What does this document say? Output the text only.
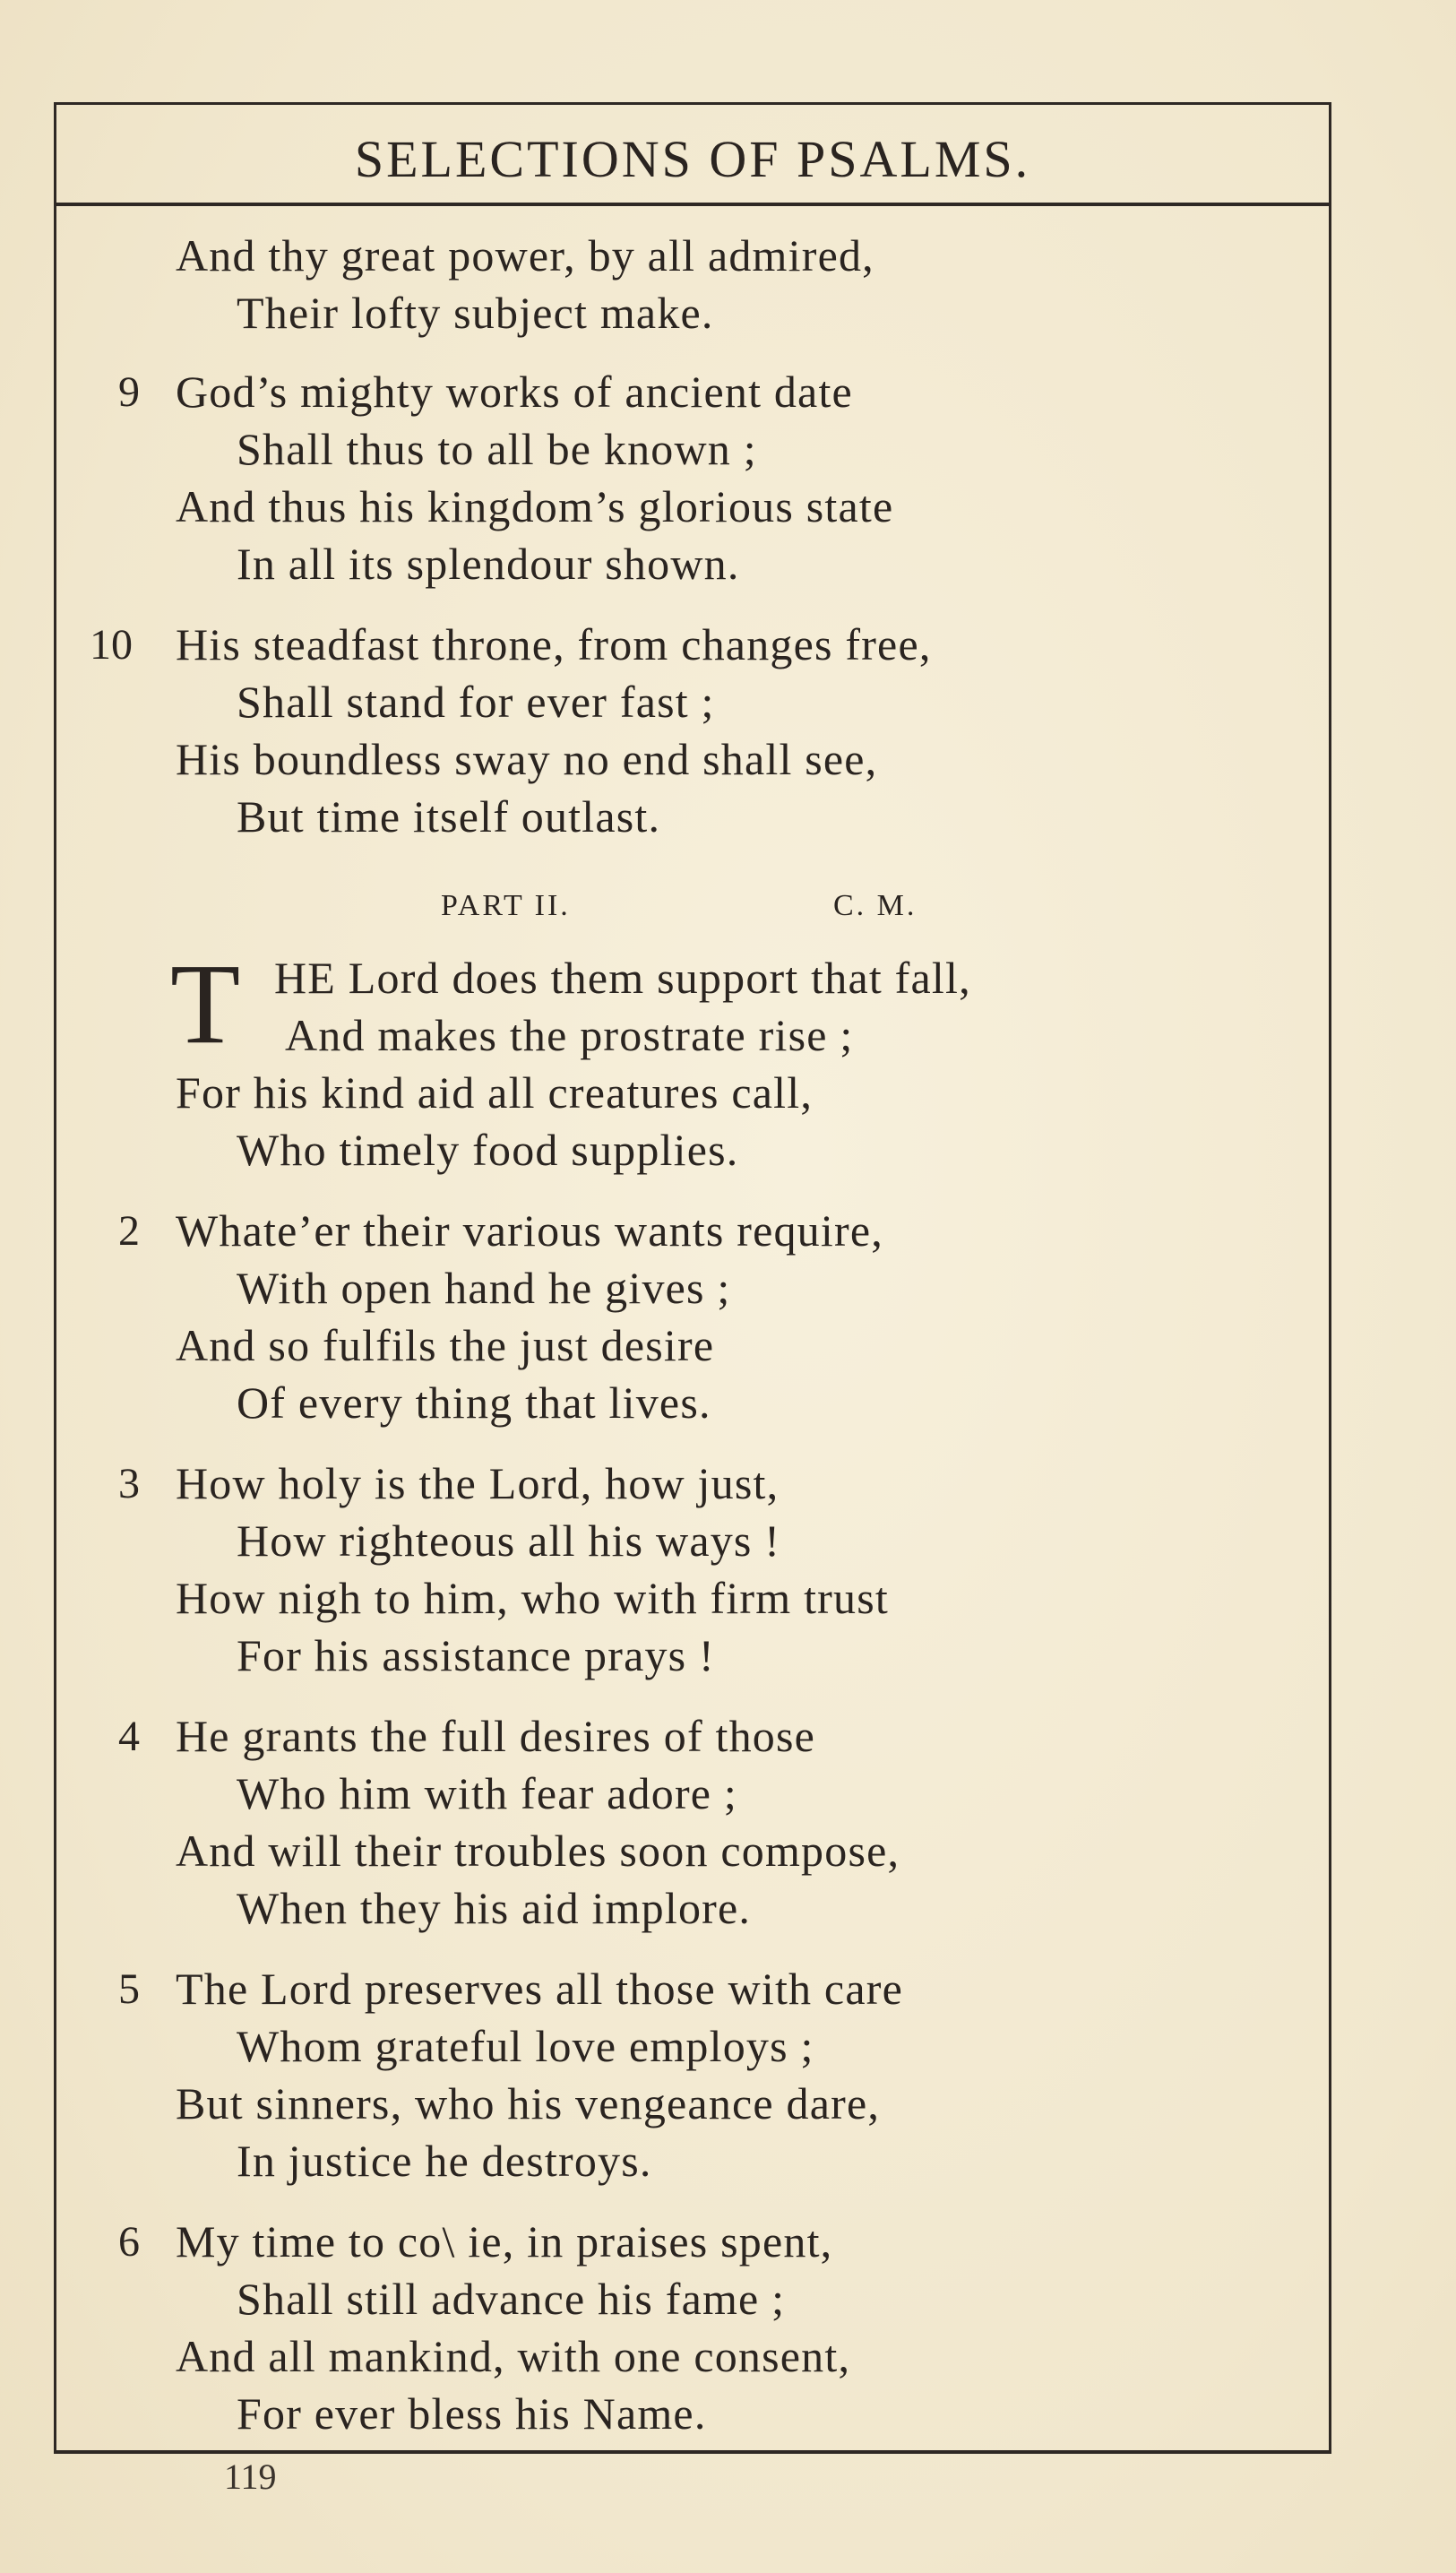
SELECTIONS OF PSALMS.
And thy great power, by all admired,
Their lofty subject make.
9 God’s mighty works of ancient date
Shall thus to all be known ;
And thus his kingdom’s glorious state
In all its splendour shown.
10 His steadfast throne, from changes free,
Shall stand for ever fast ;
His boundless sway no end shall see,
But time itself outlast.
PART II.	C. M.
T HE Lord does them support that fall,
And makes the prostrate rise ;
For his kind aid all creatures call,
Who timely food supplies.
2 Whate’er their various wants require,
With open hand he gives ;
And so fulfils the just desire
Of every thing that lives.
3 How holy is the Lord, how just,
How righteous all his ways !
How nigh to him, who with firm trust
For his assistance prays !
4 He grants the full desires of those
Who him with fear adore ;
And will their troubles soon compose,
When they his aid implore.
5 The Lord preserves all those with care
Whom grateful love employs ;
But sinners, who his vengeance dare,
In justice he destroys.
6 My time to co\ ie, in praises spent,
Shall still advance his fame ;
And all mankind, with one consent,
For ever bless his Name.
119
